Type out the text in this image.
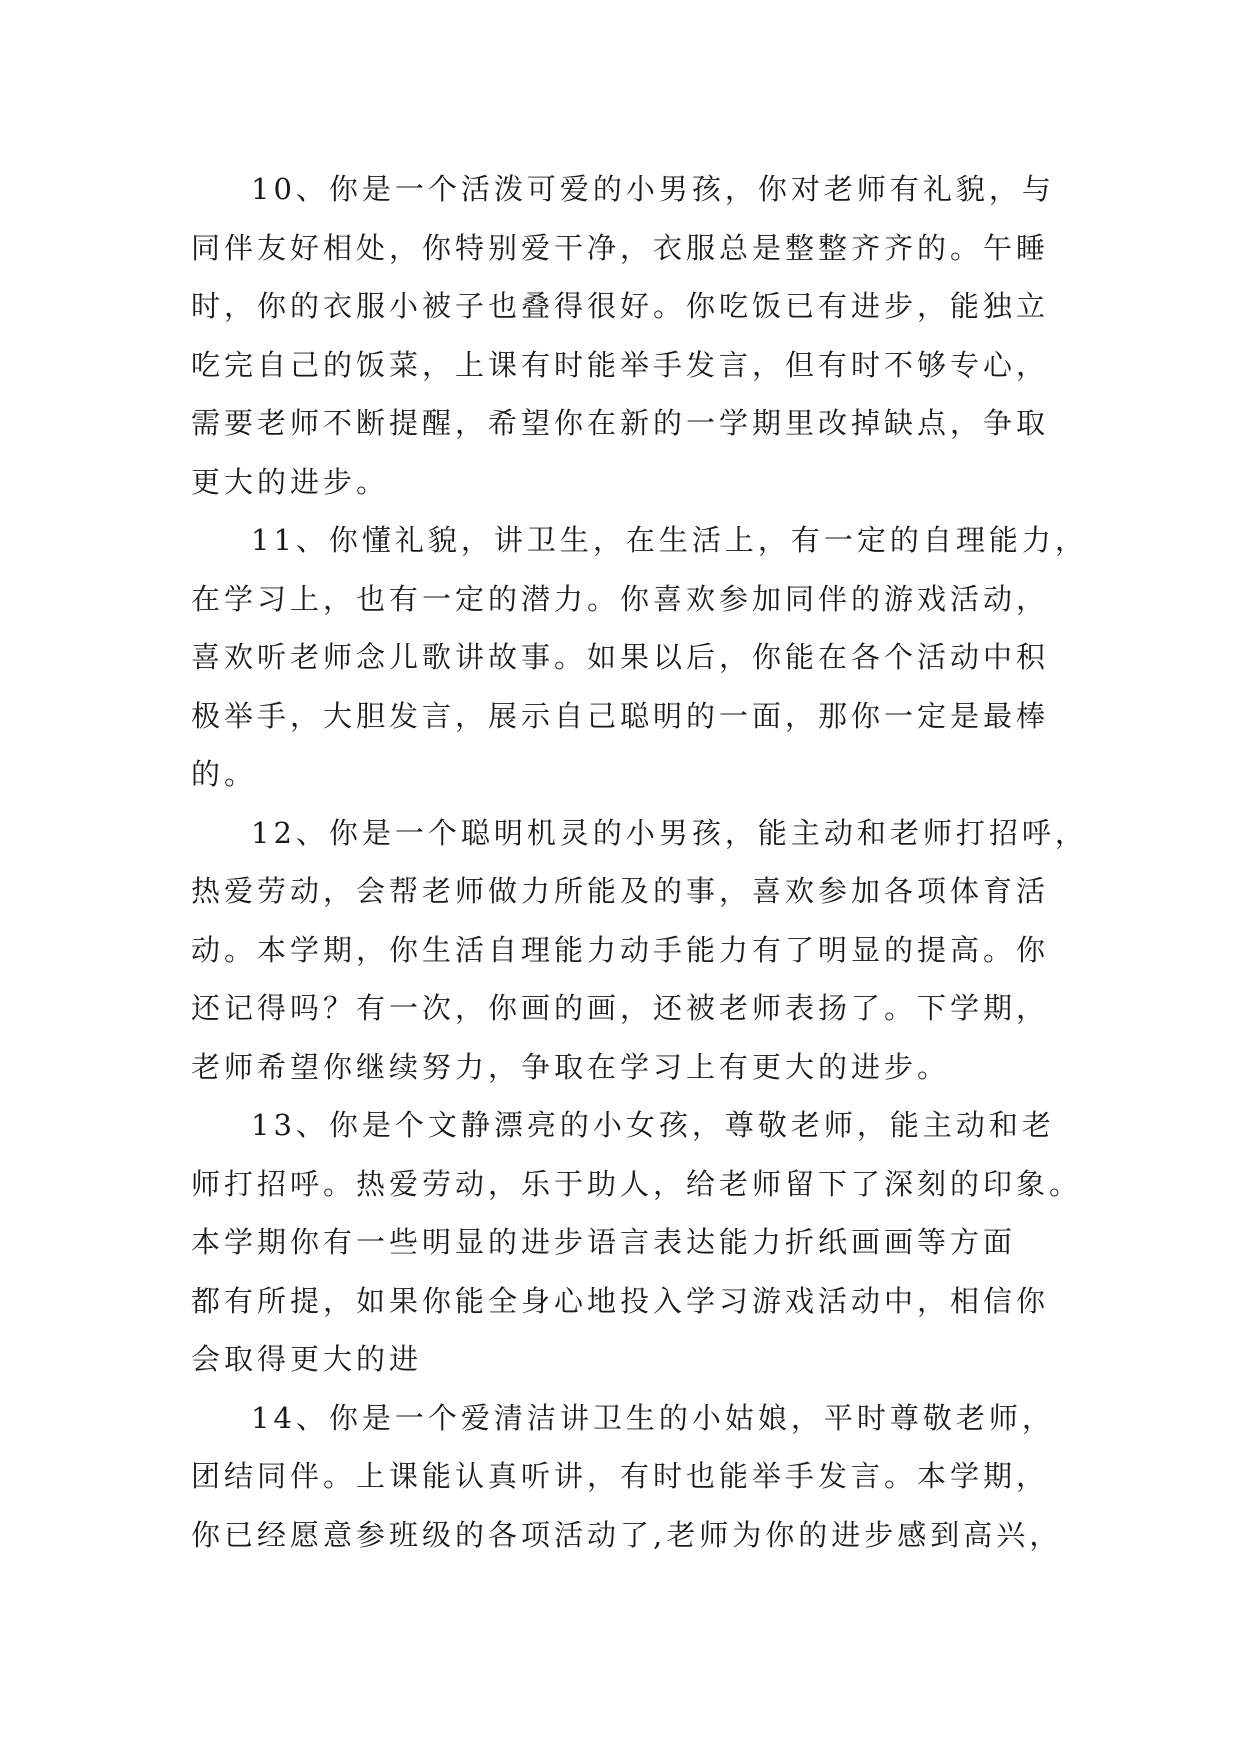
10、你是一个活泼可爱的小男孩，你对老师有礼貌，与
同伴友好相处，你特别爱干净，衣服总是整整齐齐的。午睡
时，你的衣服小被子也叠得很好。你吃饭已有进步，能独立
吃完自己的饭菜，上课有时能举手发言，但有时不够专心，
需要老师不断提醒，希望你在新的一学期里改掉缺点，争取
更大的进步。
11、你懂礼貌，讲卫生，在生活上，有一定的自理能力，
在学习上，也有一定的潜力。你喜欢参加同伴的游戏活动，
喜欢听老师念儿歌讲故事。如果以后，你能在各个活动中积
极举手，大胆发言，展示自己聪明的一面，那你一定是最棒
的。
12、你是一个聪明机灵的小男孩，能主动和老师打招呼，
热爱劳动，会帮老师做力所能及的事，喜欢参加各项体育活
动。本学期，你生活自理能力动手能力有了明显的提高。你
还记得吗？有一次，你画的画，还被老师表扬了。下学期，
老师希望你继续努力，争取在学习上有更大的进步。
13、你是个文静漂亮的小女孩，尊敬老师，能主动和老
师打招呼。热爱劳动，乐于助人，给老师留下了深刻的印象。
本学期你有一些明显的进步语言表达能力折纸画画等方面
都有所提，如果你能全身心地投入学习游戏活动中，相信你
会取得更大的进
14、你是一个爱清洁讲卫生的小姑娘，平时尊敬老师，
团结同伴。上课能认真听讲，有时也能举手发言。本学期，
你已经愿意参班级的各项活动了,老师为你的进步感到高兴，
